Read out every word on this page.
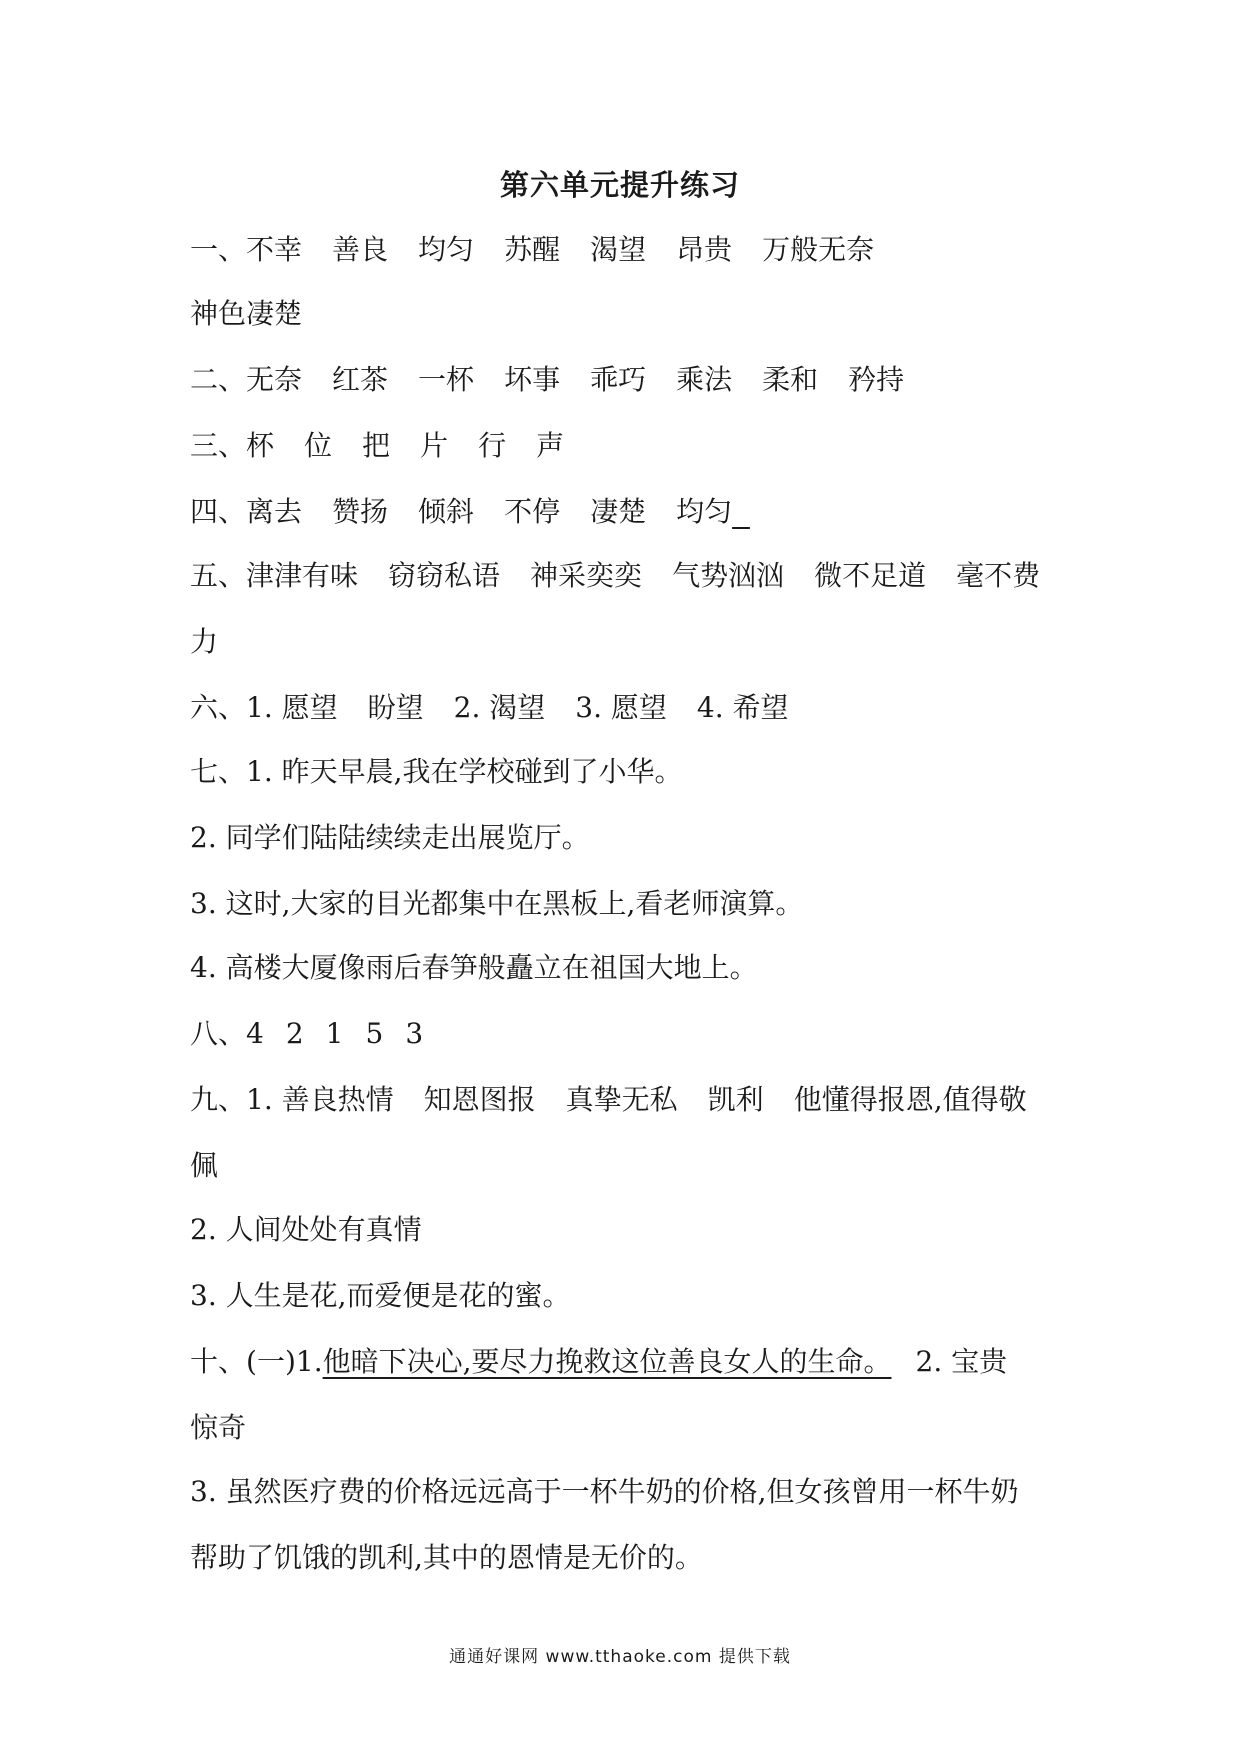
第六单元提升练习
一、不幸 善良 均匀 苏醒 渴望 昂贵 万般无奈
神色凄楚
二、无奈 红茶 一杯 坏事 乖巧 乘法 柔和 矜持
三、杯 位 把 片 行 声
四、离去 赞扬 倾斜 不停 凄楚 均匀
五、津津有味 窃窃私语 神采奕奕 气势汹汹 微不足道 毫不费
力
六、1. 愿望 盼望 2. 渴望 3. 愿望 4. 希望
七、1. 昨天早晨,我在学校碰到了小华。
2. 同学们陆陆续续走出展览厅。
3. 这时,大家的目光都集中在黑板上,看老师演算。
4. 高楼大厦像雨后春笋般矗立在祖国大地上。
八、4 2 1 5 3
九、1. 善良热情 知恩图报 真挚无私 凯利 他懂得报恩,值得敬
佩
2. 人间处处有真情
3. 人生是花,而爱便是花的蜜。
十、(一)1.他暗下决心,要尽力挽救这位善良女人的生命。 2. 宝贵
惊奇
3. 虽然医疗费的价格远远高于一杯牛奶的价格,但女孩曾用一杯牛奶
帮助了饥饿的凯利,其中的恩情是无价的。
通通好课网 www.tthaoke.com 提供下载
